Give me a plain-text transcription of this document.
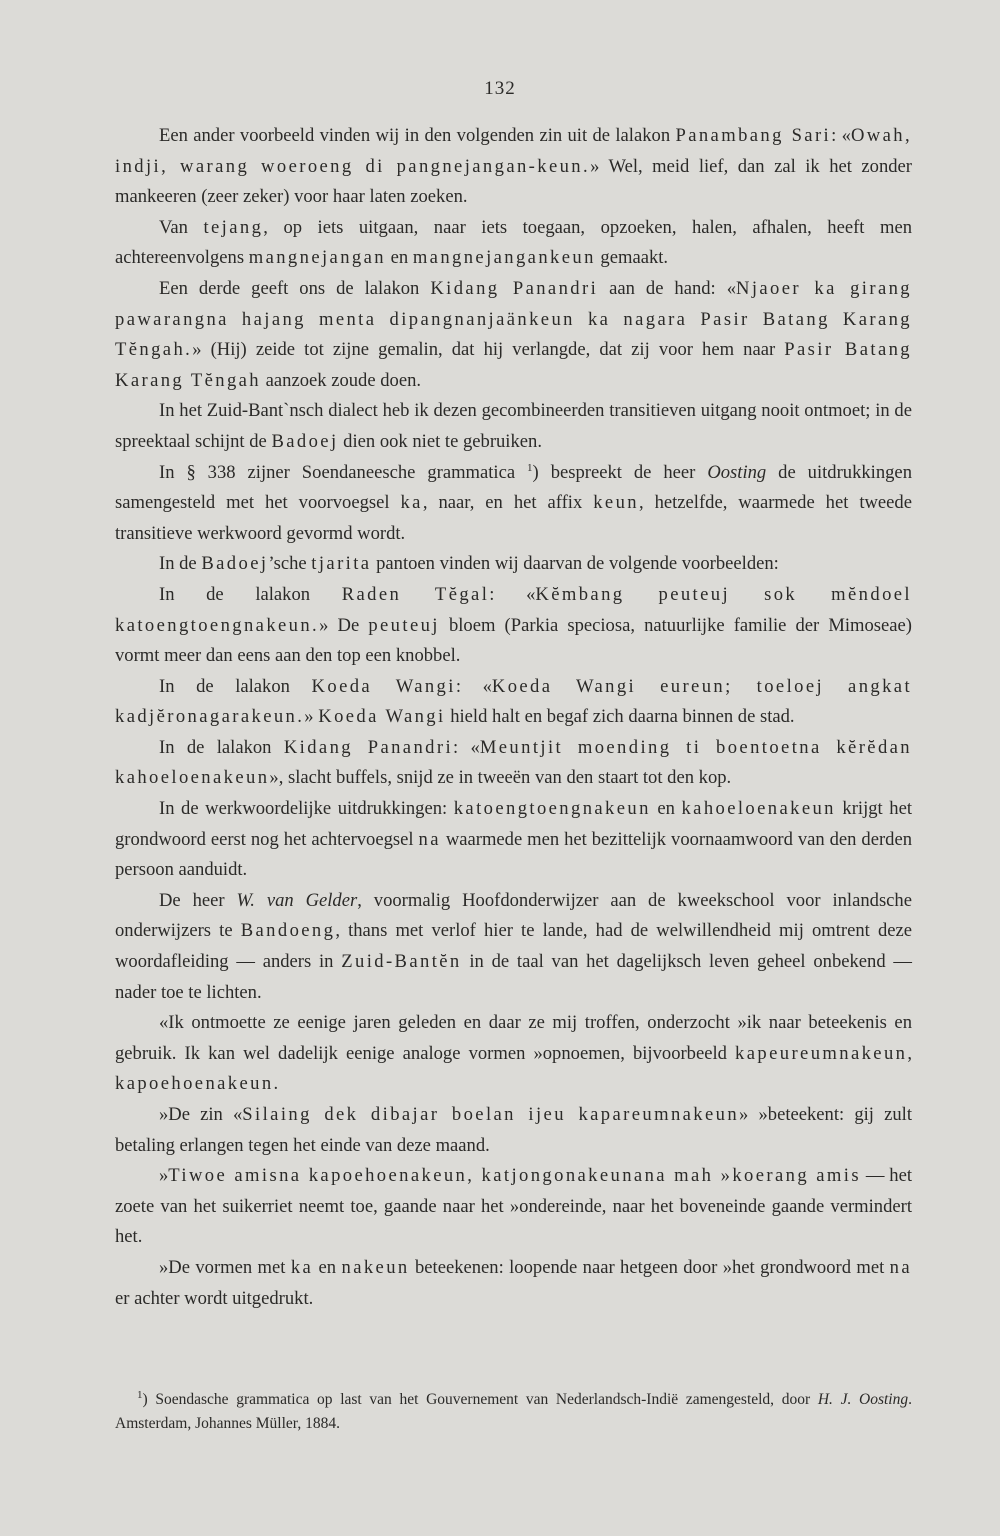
132

Een ander voorbeeld vinden wij in den volgenden zin uit de lalakon Panambang Sari: «Owah, indji, warang woeroeng di pangnejangan-keun.» Wel, meid lief, dan zal ik het zonder mankeeren (zeer zeker) voor haar laten zoeken.

Van tejang, op iets uitgaan, naar iets toegaan, opzoeken, halen, afhalen, heeft men achtereenvolgens mangnejangan en mangnejangankeun gemaakt.

Een derde geeft ons de lalakon Kidang Panandri aan de hand: «Njaoer ka girang pawarangna hajang menta dipangnanjaänkeun ka nagara Pasir Batang Karang Tĕngah.» (Hij) zeide tot zijne gemalin, dat hij verlangde, dat zij voor hem naar Pasir Batang Karang Tĕngah aanzoek zoude doen.

In het Zuid-Bant`nsch dialect heb ik dezen gecombineerden transitieven uitgang nooit ontmoet; in de spreektaal schijnt de Badoej dien ook niet te gebruiken.

In § 338 zijner Soendaneesche grammatica $^1$) bespreekt de heer Oosting de uitdrukkingen samengesteld met het voorvoegsel ka, naar, en het affix keun, hetzelfde, waarmede het tweede transitieve werkwoord gevormd wordt.

In de Badoej’sche tjarita pantoen vinden wij daarvan de volgende voorbeelden:

In de lalakon Raden Tĕgal: «Kĕmbang peuteuj sok mĕndoel katoengtoengnakeun.» De peuteuj bloem (Parkia speciosa, natuurlijke familie der Mimoseae) vormt meer dan eens aan den top een knobbel.

In de lalakon Koeda Wangi: «Koeda Wangi eureun; toeloej angkat kadjĕronagarakeun.» Koeda Wangi hield halt en begaf zich daarna binnen de stad.

In de lalakon Kidang Panandri: «Meuntjit moending ti boentoetna kĕrĕdan kahoeloenakeun», slacht buffels, snijd ze in tweeën van den staart tot den kop.

In de werkwoordelijke uitdrukkingen: katoengtoengnakeun en kahoeloenakeun krijgt het grondwoord eerst nog het achtervoegsel na waarmede men het bezittelijk voornaamwoord van den derden persoon aanduidt.

De heer W. van Gelder, voormalig Hoofdonderwijzer aan de kweekschool voor inlandsche onderwijzers te Bandoeng, thans met verlof hier te lande, had de welwillendheid mij omtrent deze woordafleiding — anders in Zuid-Bantĕn in de taal van het dagelijksch leven geheel onbekend — nader toe te lichten.

«Ik ontmoette ze eenige jaren geleden en daar ze mij troffen, onderzocht »ik naar beteekenis en gebruik. Ik kan wel dadelijk eenige analoge vormen »opnoemen, bijvoorbeeld kapeureumnakeun, kapoehoenakeun.

»De zin «Silaing dek dibajar boelan ijeu kapareumnakeun» »beteekent: gij zult betaling erlangen tegen het einde van deze maand.

»Tiwoe amisna kapoehoenakeun, katjongonakeunana mah »koerang amis — het zoete van het suikerriet neemt toe, gaande naar het »ondereinde, naar het boveneinde gaande vermindert het.

»De vormen met ka en nakeun beteekenen: loopende naar hetgeen door »het grondwoord met na er achter wordt uitgedrukt.

$^1$) Soendasche grammatica op last van het Gouvernement van Nederlandsch-Indië zamengesteld, door H. J. Oosting. Amsterdam, Johannes Müller, 1884.
